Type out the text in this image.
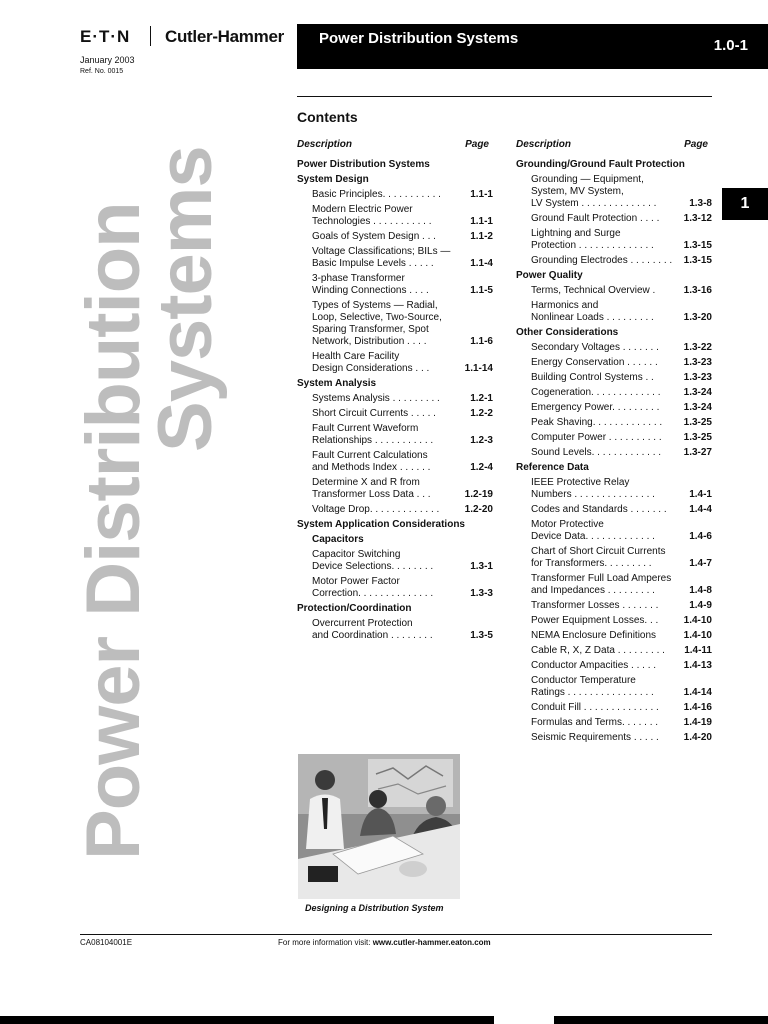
E·T·N Cutler-Hammer
January 2003
Ref. No. 0015
Power Distribution Systems	1.0-1
1
Power Distribution
Systems
Contents
Description	Page
Power Distribution Systems
System Design
Basic Principles. . . . . . . . . . .	1.1-1
Modern Electric Power
Technologies . . . . . . . . . . .	1.1-1
Goals of System Design . . .	1.1-2
Voltage Classifications; BILs —
Basic Impulse Levels . . . . .	1.1-4
3-phase Transformer
Winding Connections . . . .	1.1-5
Types of Systems — Radial,
Loop, Selective, Two-Source,
Sparing Transformer, Spot
Network, Distribution . . . .	1.1-6
Health Care Facility
Design Considerations . . .	1.1-14
System Analysis
Systems Analysis . . . . . . . . .	1.2-1
Short Circuit Currents . . . . .	1.2-2
Fault Current Waveform
Relationships . . . . . . . . . . .	1.2-3
Fault Current Calculations
and Methods Index . . . . . .	1.2-4
Determine X and R from
Transformer Loss Data . . .	1.2-19
Voltage Drop. . . . . . . . . . . . .	1.2-20
System Application Considerations
Capacitors
Capacitor Switching
Device Selections. . . . . . . .	1.3-1
Motor Power Factor
Correction. . . . . . . . . . . . . .	1.3-3
Protection/Coordination
Overcurrent Protection
and Coordination . . . . . . . .	1.3-5
Description	Page
Grounding/Ground Fault Protection
Grounding — Equipment,
System, MV System,
LV System . . . . . . . . . . . . . .	1.3-8
Ground Fault Protection . . . .	1.3-12
Lightning and Surge
Protection . . . . . . . . . . . . . .	1.3-15
Grounding Electrodes . . . . . . . .	1.3-15
Power Quality
Terms, Technical Overview .	1.3-16
Harmonics and
Nonlinear Loads . . . . . . . . .	1.3-20
Other Considerations
Secondary Voltages . . . . . . .	1.3-22
Energy Conservation . . . . . .	1.3-23
Building Control Systems . .	1.3-23
Cogeneration. . . . . . . . . . . . .	1.3-24
Emergency Power. . . . . . . . .	1.3-24
Peak Shaving. . . . . . . . . . . . .	1.3-25
Computer Power . . . . . . . . . .	1.3-25
Sound Levels. . . . . . . . . . . . .	1.3-27
Reference Data
IEEE Protective Relay
Numbers . . . . . . . . . . . . . . .	1.4-1
Codes and Standards . . . . . . .	1.4-4
Motor Protective
Device Data. . . . . . . . . . . . .	1.4-6
Chart of Short Circuit Currents
for Transformers. . . . . . . . .	1.4-7
Transformer Full Load Amperes
and Impedances . . . . . . . . .	1.4-8
Transformer Losses . . . . . . .	1.4-9
Power Equipment Losses. . .	1.4-10
NEMA Enclosure Definitions	1.4-10
Cable R, X, Z Data . . . . . . . . .	1.4-11
Conductor Ampacities . . . . .	1.4-13
Conductor Temperature
Ratings . . . . . . . . . . . . . . . .	1.4-14
Conduit Fill . . . . . . . . . . . . . .	1.4-16
Formulas and Terms. . . . . . .	1.4-19
Seismic Requirements . . . . .	1.4-20
Designing a Distribution System
CA08104001E	For more information visit: www.cutler-hammer.eaton.com
